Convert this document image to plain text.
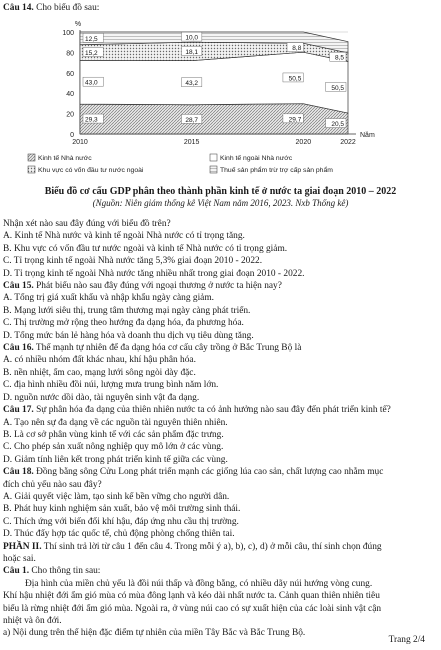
Câu 14. Cho biểu đồ sau:
0
20
40
60
80
100
%
2010	2015	2020	2022
Năm
29,3	28,7	29,7
20,5
43,0	43,2
50,5
50,5
15,2	18,1
8,8
8,5
12,5	10,0
Kinh tế Nhà nước	Kinh tế ngoài Nhà nước
Khu vực có vốn đầu tư nước ngoài	Thuế sản phẩm trừ trợ cấp sản phẩm
Biểu đồ cơ cấu GDP phân theo thành phần kinh tế ở nước ta giai đoạn 2010 – 2022
(Nguồn: Niên giám thống kê Việt Nam năm 2016, 2023. Nxb Thống kê)
Nhận xét nào sau đây đúng với biểu đồ trên?
A. Kinh tế Nhà nước và kinh tế ngoài Nhà nước có tỉ trọng tăng.
B. Khu vực có vốn đầu tư nước ngoài và kinh tế Nhà nước có tỉ trọng giảm.
C. Tỉ trọng kinh tế ngoài Nhà nước tăng 5,3% giai đoạn 2010 - 2022.
D. Tỉ trọng kinh tế ngoài Nhà nước tăng nhiều nhất trong giai đoạn 2010 - 2022.
Câu 15. Phát biểu nào sau đây đúng với ngoại thương ở nước ta hiện nay?
A. Tổng trị giá xuất khẩu và nhập khẩu ngày càng giảm.
B. Mạng lưới siêu thị, trung tâm thương mại ngày càng phát triển.
C. Thị trường mở rộng theo hướng đa dạng hóa, đa phương hóa.
D. Tổng mức bán lẻ hàng hóa và doanh thu dịch vụ tiêu dùng tăng.
Câu 16. Thế mạnh tự nhiên để đa dạng hóa cơ cấu cây trồng ở Bắc Trung Bộ là
A. có nhiều nhóm đất khác nhau, khí hậu phân hóa.
B. nền nhiệt, ẩm cao, mạng lưới sông ngòi dày đặc.
C. địa hình nhiều đồi núi, lượng mưa trung bình năm lớn.
D. nguồn nước dồi dào, tài nguyên sinh vật đa dạng.
Câu 17. Sự phân hóa đa dạng của thiên nhiên nước ta có ảnh hưởng nào sau đây đến phát triển kinh tế?
A. Tạo nên sự đa dạng về các nguồn tài nguyên thiên nhiên.
B. Là cơ sở phân vùng kinh tế với các sản phẩm đặc trưng.
C. Cho phép sản xuất nông nghiệp quy mô lớn ở các vùng.
D. Giảm tính liên kết trong phát triển kinh tế giữa các vùng.
Câu 18. Đồng bằng sông Cửu Long phát triển mạnh các giống lúa cao sản, chất lượng cao nhằm mục
đích chủ yếu nào sau đây?
A. Giải quyết việc làm, tạo sinh kế bền vững cho người dân.
B. Phát huy kinh nghiệm sản xuất, bảo vệ môi trường sinh thái.
C. Thích ứng với biến đổi khí hậu, đáp ứng nhu cầu thị trường.
D. Thúc đẩy hợp tác quốc tế, chủ động phòng chống thiên tai.
PHẦN II. Thí sinh trả lời từ câu 1 đến câu 4. Trong mỗi ý a), b), c), d) ở mỗi câu, thí sinh chọn đúng
hoặc sai.
Câu 1. Cho thông tin sau:
Địa hình của miền chủ yếu là đồi núi thấp và đồng bằng, có nhiều dãy núi hướng vòng cung.
Khí hậu nhiệt đới ẩm gió mùa có mùa đông lạnh và kéo dài nhất nước ta. Cảnh quan thiên nhiên tiêu
biểu là rừng nhiệt đới ẩm gió mùa. Ngoài ra, ở vùng núi cao có sự xuất hiện của các loài sinh vật cận
nhiệt và ôn đới.
a) Nội dung trên thể hiện đặc điểm tự nhiên của miền Tây Bắc và Bắc Trung Bộ.
Trang 2/4
